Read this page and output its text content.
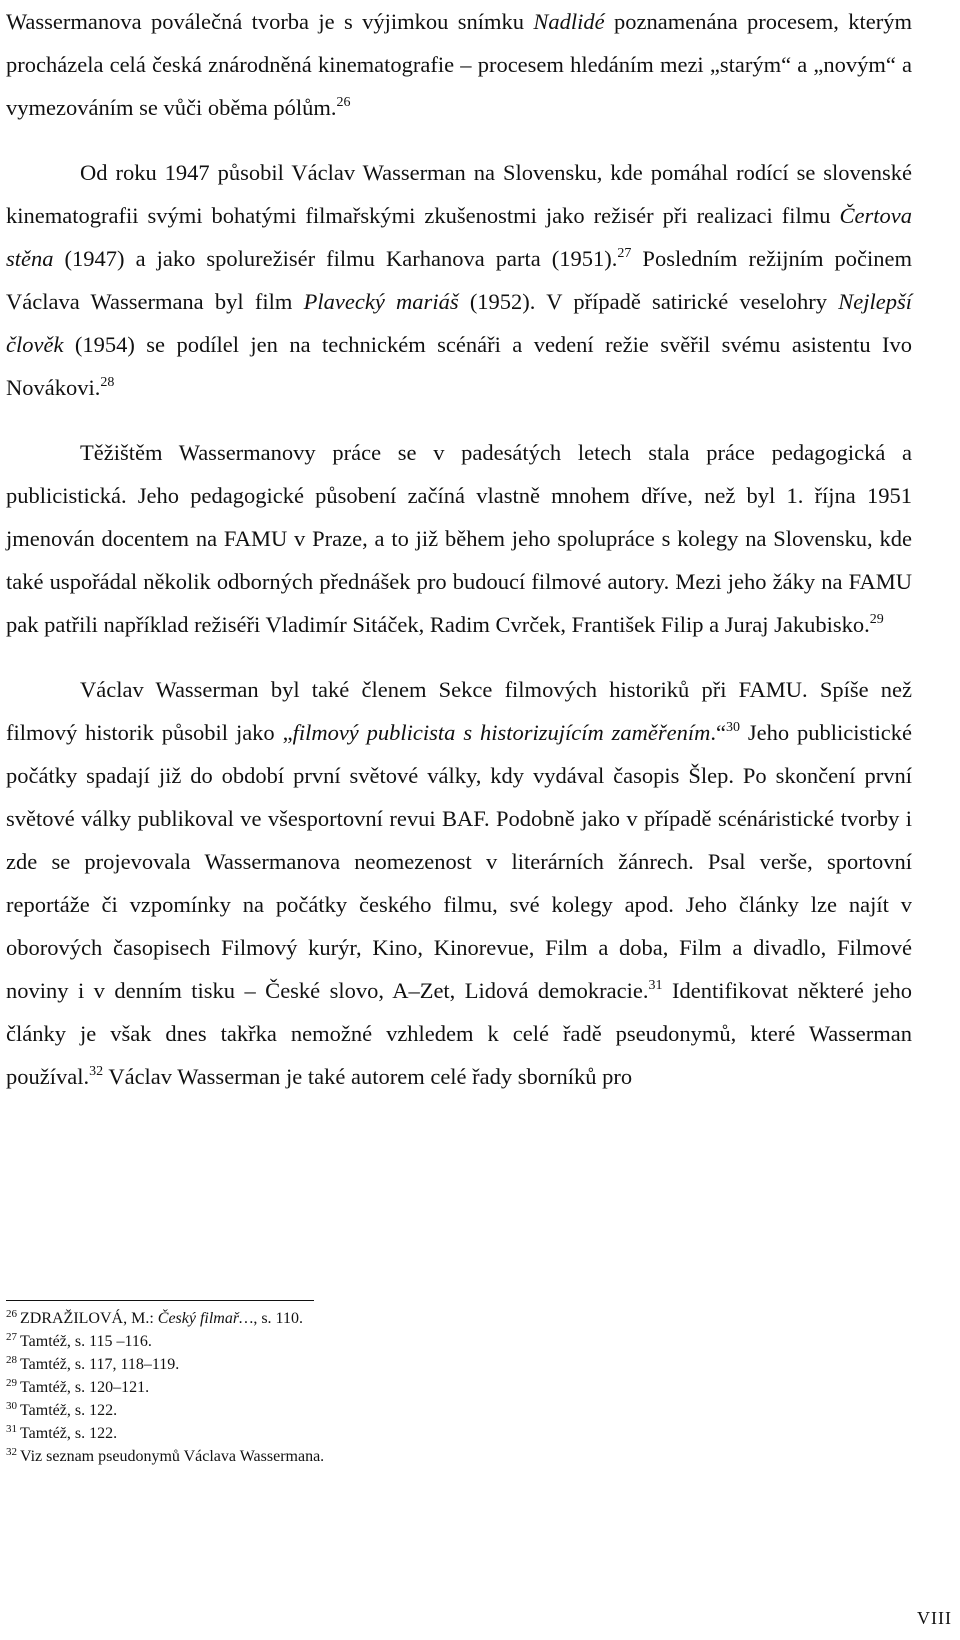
Wassermanova poválečná tvorba je s výjimkou snímku Nadlidé poznamenána procesem, kterým procházela celá česká znárodněná kinematografie – procesem hledáním mezi „starým“ a „novým“ a vymezováním se vůči oběma pólům.$^{26}$

Od roku 1947 působil Václav Wasserman na Slovensku, kde pomáhal rodící se slovenské kinematografii svými bohatými filmařskými zkušenostmi jako režisér při realizaci filmu Čertova stěna (1947) a jako spolurežisér filmu Karhanova parta (1951).$^{27}$ Posledním režijním počinem Václava Wassermana byl film Plavecký mariáš (1952). V případě satirické veselohry Nejlepší člověk (1954) se podílel jen na technickém scénáři a vedení režie svěřil svému asistentu Ivo Novákovi.$^{28}$

Těžištěm Wassermanovy práce se v padesátých letech stala práce pedagogická a publicistická. Jeho pedagogické působení začíná vlastně mnohem dříve, než byl 1. října 1951 jmenován docentem na FAMU v Praze, a to již během jeho spolupráce s kolegy na Slovensku, kde také uspořádal několik odborných přednášek pro budoucí filmové autory. Mezi jeho žáky na FAMU pak patřili například režiséři Vladimír Sitáček, Radim Cvrček, František Filip a Juraj Jakubisko.$^{29}$

Václav Wasserman byl také členem Sekce filmových historiků při FAMU. Spíše než filmový historik působil jako „filmový publicista s historizujícím zaměřením.“$^{30}$ Jeho publicistické počátky spadají již do období první světové války, kdy vydával časopis Šlep. Po skončení první světové války publikoval ve všesportovní revui BAF. Podobně jako v případě scénáristické tvorby i zde se projevovala Wassermanova neomezenost v literárních žánrech. Psal verše, sportovní reportáže či vzpomínky na počátky českého filmu, své kolegy apod. Jeho články lze najít v oborových časopisech Filmový kurýr, Kino, Kinorevue, Film a doba, Film a divadlo, Filmové noviny i v denním tisku – České slovo, A–Zet, Lidová demokracie.$^{31}$ Identifikovat některé jeho články je však dnes takřka nemožné vzhledem k celé řadě pseudonymů, které Wasserman používal.$^{32}$ Václav Wasserman je také autorem celé řady sborníků pro

$^{26}$ ZDRAŽILOVÁ, M.: Český filmař…, s. 110.
$^{27}$ Tamtéž, s. 115 –116.
$^{28}$ Tamtéž, s. 117, 118–119.
$^{29}$ Tamtéž, s. 120–121.
$^{30}$ Tamtéž, s. 122.
$^{31}$ Tamtéž, s. 122.
$^{32}$ Viz seznam pseudonymů Václava Wassermana.
VIII
